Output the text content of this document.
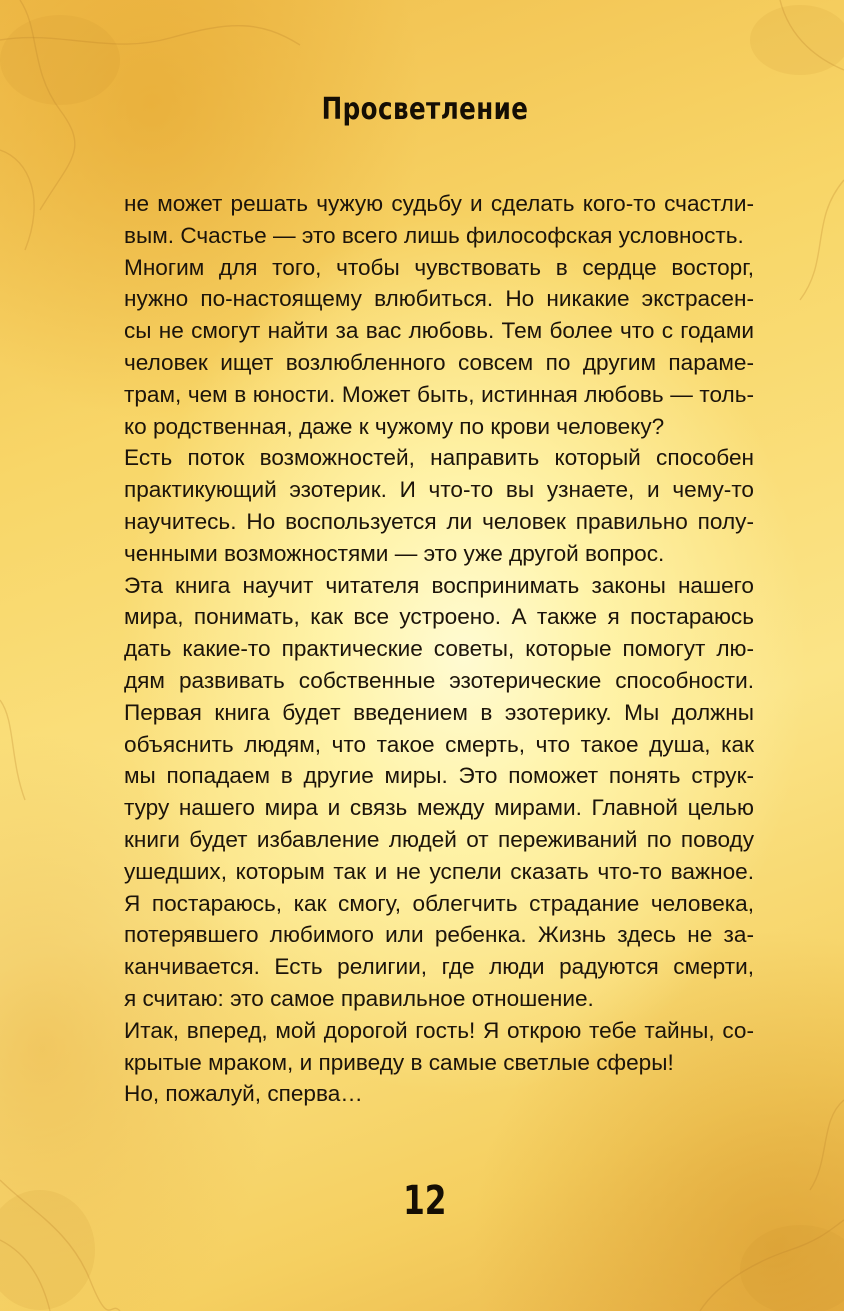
Просветление
не может решать чужую судьбу и сделать кого-то счастли-
вым. Счастье — это всего лишь философская условность.
Многим для того, чтобы чувствовать в сердце восторг,
нужно по-настоящему влюбиться. Но никакие экстрасен-
сы не смогут найти за вас любовь. Тем более что с годами
человек ищет возлюбленного совсем по другим параме-
трам, чем в юности. Может быть, истинная любовь — толь-
ко родственная, даже к чужому по крови человеку?
Есть поток возможностей, направить который способен
практикующий эзотерик. И что-то вы узнаете, и чему-то
научитесь. Но воспользуется ли человек правильно полу-
ченными возможностями — это уже другой вопрос.
Эта книга научит читателя воспринимать законы нашего
мира, понимать, как все устроено. А также я постараюсь
дать какие-то практические советы, которые помогут лю-
дям развивать собственные эзотерические способности.
Первая книга будет введением в эзотерику. Мы должны
объяснить людям, что такое смерть, что такое душа, как
мы попадаем в другие миры. Это поможет понять струк-
туру нашего мира и связь между мирами. Главной целью
книги будет избавление людей от переживаний по поводу
ушедших, которым так и не успели сказать что-то важное.
Я постараюсь, как смогу, облегчить страдание человека,
потерявшего любимого или ребенка. Жизнь здесь не за-
канчивается. Есть религии, где люди радуются смерти,
я считаю: это самое правильное отношение.
Итак, вперед, мой дорогой гость! Я открою тебе тайны, со-
крытые мраком, и приведу в самые светлые сферы!
Но, пожалуй, сперва…
12
